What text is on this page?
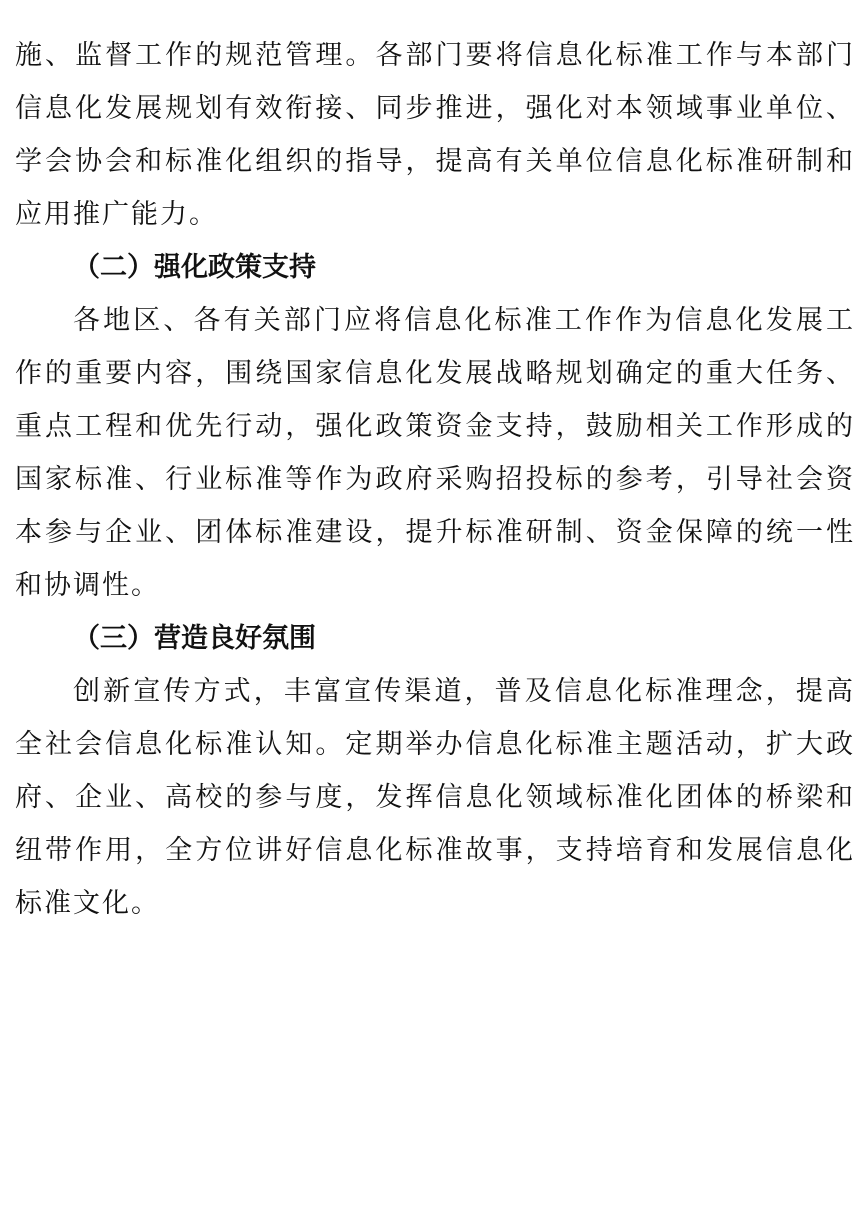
施、监督工作的规范管理。各部门要将信息化标准工作与本部门
信息化发展规划有效衔接、同步推进，强化对本领域事业单位、
学会协会和标准化组织的指导，提高有关单位信息化标准研制和
应用推广能力。
（二）强化政策支持
各地区、各有关部门应将信息化标准工作作为信息化发展工
作的重要内容，围绕国家信息化发展战略规划确定的重大任务、
重点工程和优先行动，强化政策资金支持，鼓励相关工作形成的
国家标准、行业标准等作为政府采购招投标的参考，引导社会资
本参与企业、团体标准建设，提升标准研制、资金保障的统一性
和协调性。
（三）营造良好氛围
创新宣传方式，丰富宣传渠道，普及信息化标准理念，提高
全社会信息化标准认知。定期举办信息化标准主题活动，扩大政
府、企业、高校的参与度，发挥信息化领域标准化团体的桥梁和
纽带作用，全方位讲好信息化标准故事，支持培育和发展信息化
标准文化。
